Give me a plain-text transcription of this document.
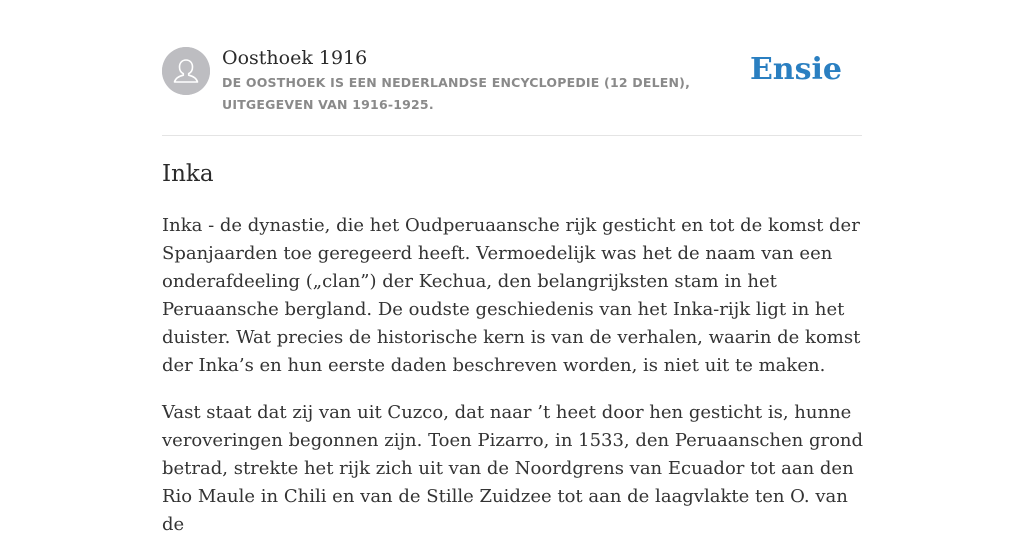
Oosthoek 1916
DE OOSTHOEK IS EEN NEDERLANDSE ENCYCLOPEDIE (12 DELEN), UITGEGEVEN VAN 1916-1925.
Ensie
Inka

Inka - de dynastie, die het Oudperuaansche rijk gesticht en tot de komst der Spanjaarden toe geregeerd heeft. Vermoedelijk was het de naam van een onderafdeeling („clan”) der Kechua, den belangrijksten stam in het Peruaansche bergland. De oudste geschiedenis van het Inka-rijk ligt in het duister. Wat precies de historische kern is van de verhalen, waarin de komst der Inka’s en hun eerste daden beschreven worden, is niet uit te maken.

Vast staat dat zij van uit Cuzco, dat naar ’t heet door hen gesticht is, hunne veroveringen begonnen zijn. Toen Pizarro, in 1533, den Peruaanschen grond betrad, strekte het rijk zich uit van de Noordgrens van Ecuador tot aan den Rio Maule in Chili en van de Stille Zuidzee tot aan de laagvlakte ten O. van de
